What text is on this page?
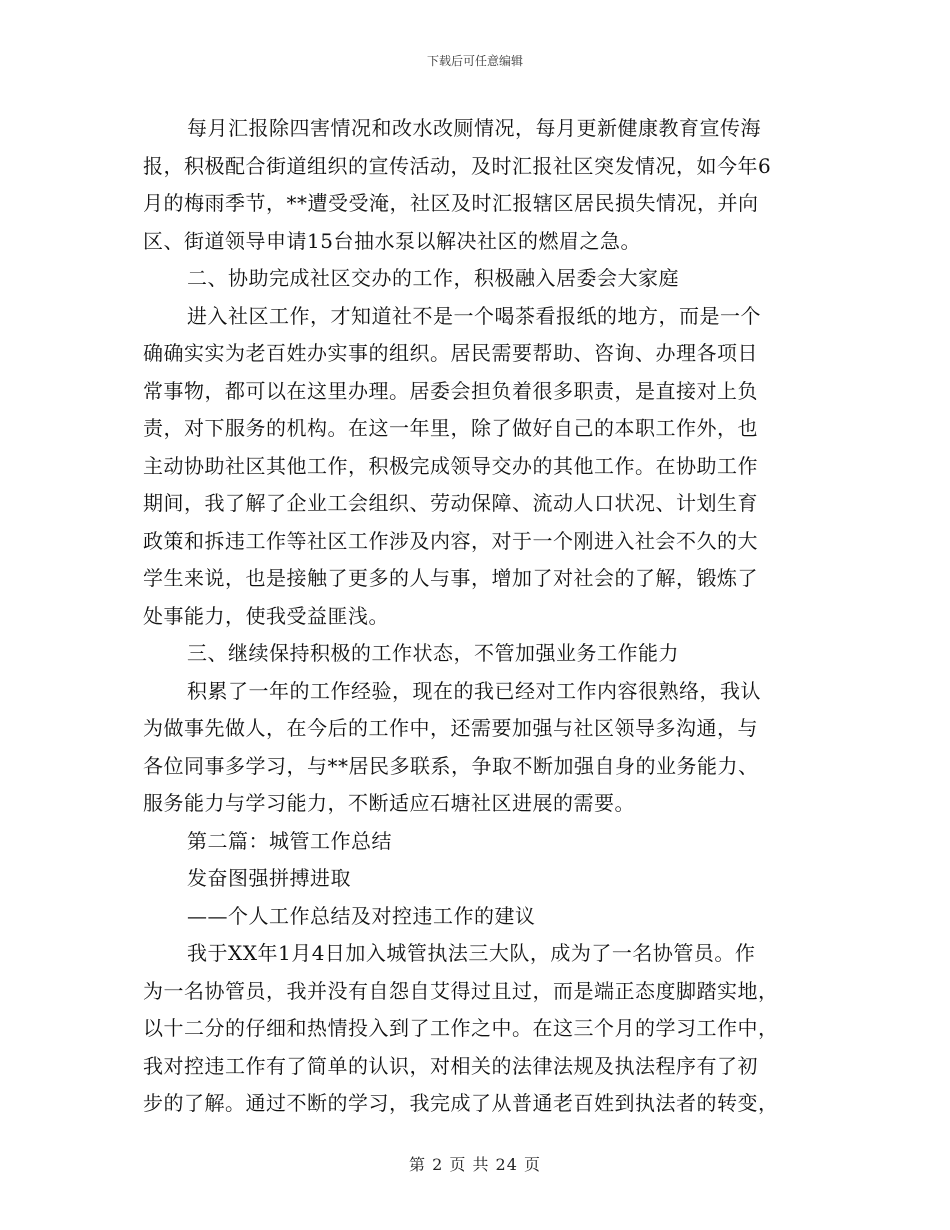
下载后可任意编辑
每月汇报除四害情况和改水改厕情况，每月更新健康教育宣传海
报，积极配合街道组织的宣传活动，及时汇报社区突发情况，如今年6
月的梅雨季节，**遭受受淹，社区及时汇报辖区居民损失情况，并向
区、街道领导申请15台抽水泵以解决社区的燃眉之急。
二、协助完成社区交办的工作，积极融入居委会大家庭
进入社区工作，才知道社不是一个喝茶看报纸的地方，而是一个
确确实实为老百姓办实事的组织。居民需要帮助、咨询、办理各项日
常事物，都可以在这里办理。居委会担负着很多职责，是直接对上负
责，对下服务的机构。在这一年里，除了做好自己的本职工作外，也
主动协助社区其他工作，积极完成领导交办的其他工作。在协助工作
期间，我了解了企业工会组织、劳动保障、流动人口状况、计划生育
政策和拆违工作等社区工作涉及内容，对于一个刚进入社会不久的大
学生来说，也是接触了更多的人与事，增加了对社会的了解，锻炼了
处事能力，使我受益匪浅。
三、继续保持积极的工作状态，不管加强业务工作能力
积累了一年的工作经验，现在的我已经对工作内容很熟络，我认
为做事先做人，在今后的工作中，还需要加强与社区领导多沟通，与
各位同事多学习，与**居民多联系，争取不断加强自身的业务能力、
服务能力与学习能力，不断适应石塘社区进展的需要。
第二篇：城管工作总结
发奋图强拼搏进取
——个人工作总结及对控违工作的建议
我于XX年1月4日加入城管执法三大队，成为了一名协管员。作
为一名协管员，我并没有自怨自艾得过且过，而是端正态度脚踏实地，
以十二分的仔细和热情投入到了工作之中。在这三个月的学习工作中，
我对控违工作有了简单的认识，对相关的法律法规及执法程序有了初
步的了解。通过不断的学习，我完成了从普通老百姓到执法者的转变，
第 2 页 共 24 页
